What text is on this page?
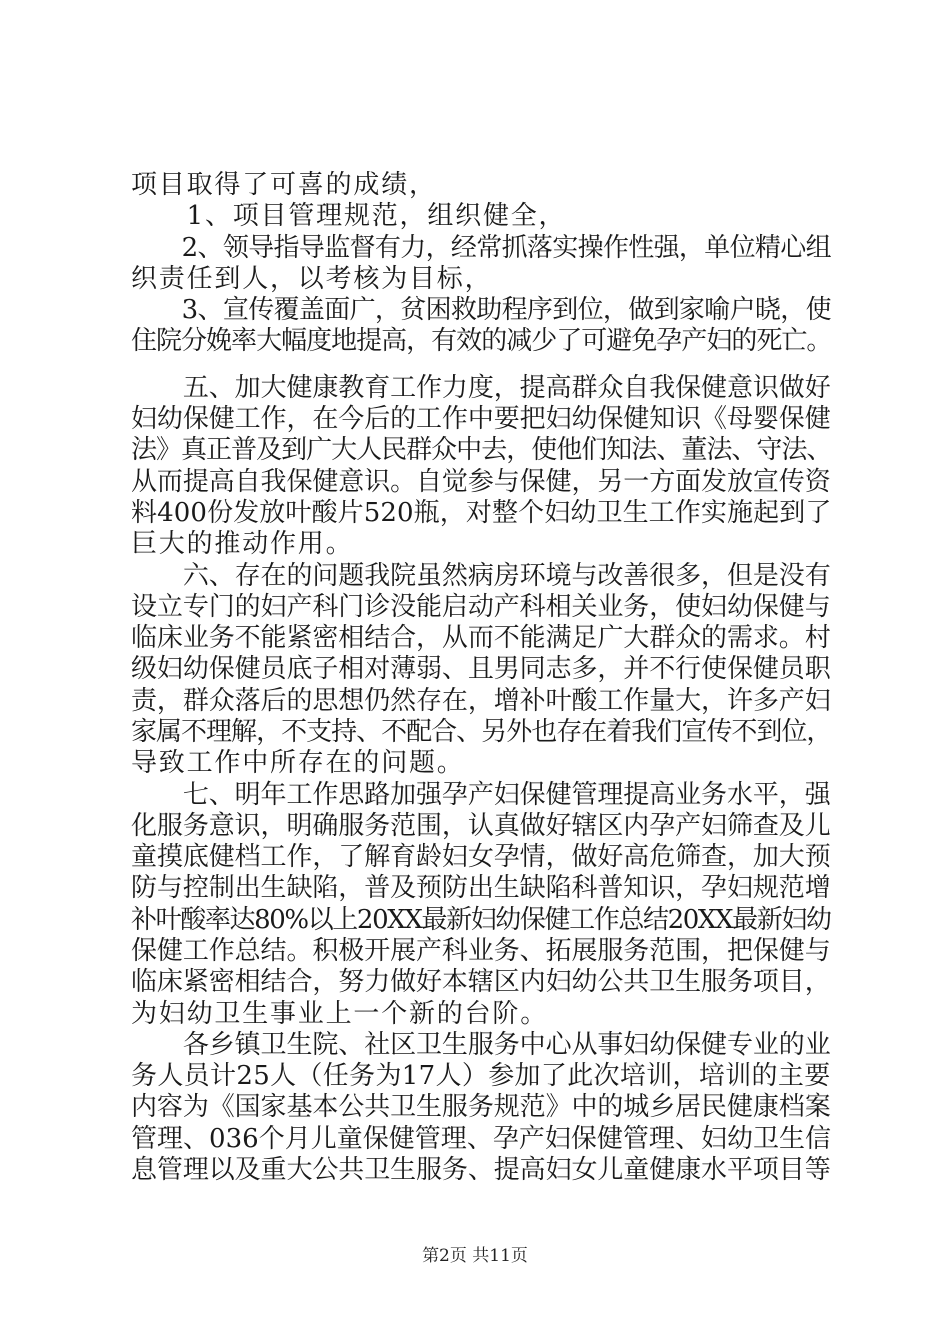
项目取得了可喜的成绩，
　　1、项目管理规范，组织健全，
　　2、领导指导监督有力，经常抓落实操作性强，单位精心组
织责任到人，以考核为目标，
　　3、宣传覆盖面广，贫困救助程序到位，做到家喻户晓，使
住院分娩率大幅度地提高，有效的减少了可避免孕产妇的死亡。
　　五、加大健康教育工作力度，提高群众自我保健意识做好
妇幼保健工作，在今后的工作中要把妇幼保健知识《母婴保健
法》真正普及到广大人民群众中去，使他们知法、董法、守法、
从而提高自我保健意识。自觉参与保健，另一方面发放宣传资
料400份发放叶酸片520瓶，对整个妇幼卫生工作实施起到了
巨大的推动作用。
　　六、存在的问题我院虽然病房环境与改善很多，但是没有
设立专门的妇产科门诊没能启动产科相关业务，使妇幼保健与
临床业务不能紧密相结合，从而不能满足广大群众的需求。村
级妇幼保健员底子相对薄弱、且男同志多，并不行使保健员职
责，群众落后的思想仍然存在，增补叶酸工作量大，许多产妇
家属不理解，不支持、不配合、另外也存在着我们宣传不到位，
导致工作中所存在的问题。
　　七、明年工作思路加强孕产妇保健管理提高业务水平，强
化服务意识，明确服务范围，认真做好辖区内孕产妇筛查及儿
童摸底健档工作，了解育龄妇女孕情，做好高危筛查，加大预
防与控制出生缺陷，普及预防出生缺陷科普知识，孕妇规范增
补叶酸率达80%以上20XX最新妇幼保健工作总结20XX最新妇幼
保健工作总结。积极开展产科业务、拓展服务范围，把保健与
临床紧密相结合，努力做好本辖区内妇幼公共卫生服务项目，
为妇幼卫生事业上一个新的台阶。
　　各乡镇卫生院、社区卫生服务中心从事妇幼保健专业的业
务人员计25人（任务为17人）参加了此次培训，培训的主要
内容为《国家基本公共卫生服务规范》中的城乡居民健康档案
管理、036个月儿童保健管理、孕产妇保健管理、妇幼卫生信
息管理以及重大公共卫生服务、提高妇女儿童健康水平项目等
第2页 共11页
